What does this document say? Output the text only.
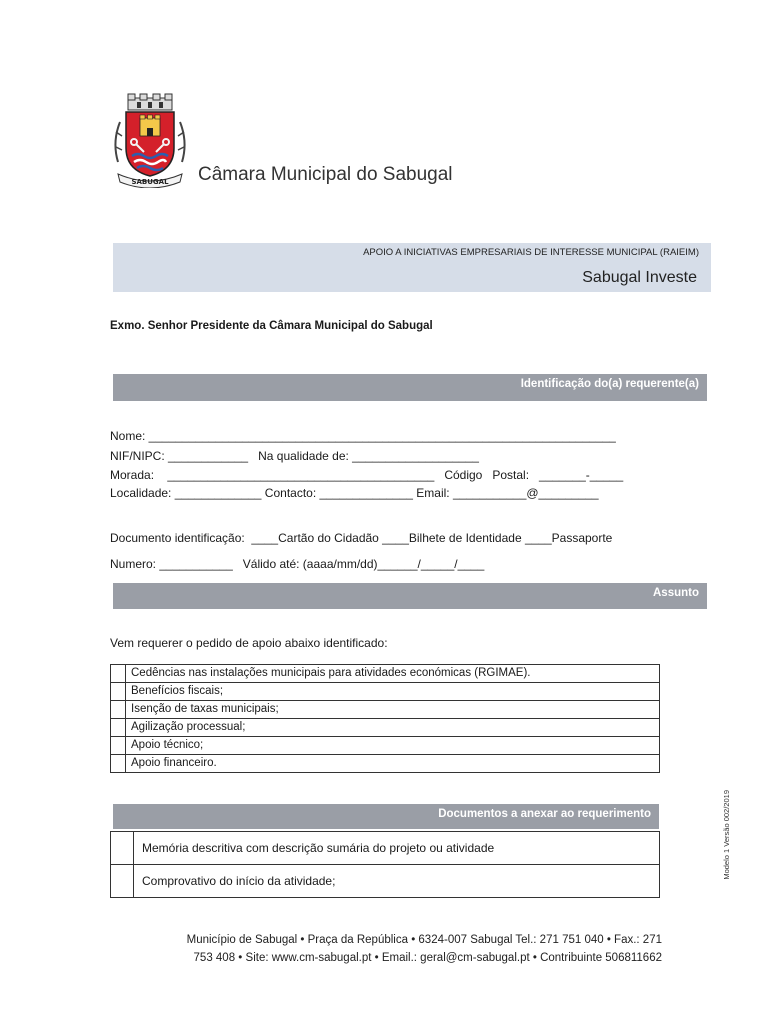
SABUGAL Câmara Municipal do Sabugal
APOIO A INICIATIVAS EMPRESARIAIS DE INTERESSE MUNICIPAL (RAIEIM)
Sabugal Investe
Exmo. Senhor Presidente da Câmara Municipal do Sabugal
Identificação do(a) requerente(a)
Nome: ______________________________________________________________________
NIF/NIPC: ____________   Na qualidade de: ___________________
Morada:    ________________________________________   Código   Postal:   _______-_____
Localidade: _____________ Contacto: ______________ Email: ___________@_________
Documento identificação:  ____Cartão do Cidadão ____Bilhete de Identidade ____Passaporte
Numero: ___________   Válido até: (aaaa/mm/dd)______/_____/____
Assunto
Vem requerer o pedido de apoio abaixo identificado:
	Cedências nas instalações municipais para atividades económicas (RGIMAE).
	Benefícios fiscais;
	Isenção de taxas municipais;
	Agilização processual;
	Apoio técnico;
	Apoio financeiro.
Documentos a anexar ao requerimento
	Memória descritiva com descrição sumária do projeto ou atividade
	Comprovativo do início da atividade;
Modelo 1 Versão 002/2019
Município de Sabugal • Praça da República • 6324-007 Sabugal Tel.: 271 751 040 • Fax.: 271
753 408 • Site: www.cm-sabugal.pt • Email.: geral@cm-sabugal.pt • Contribuinte 506811662
